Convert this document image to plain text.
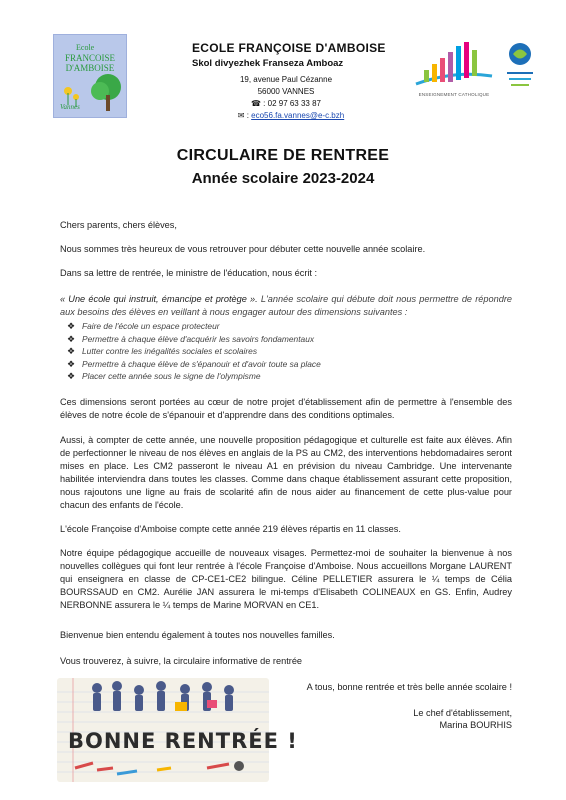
Ecole
FRANCOISE
D'AMBOISE
Vannes
ECOLE FRANÇOISE D'AMBOISE
Skol divyezhek Franseza Amboaz
19, avenue Paul Cézanne
56000 VANNES
☎ : 02 97 63 33 87
✉ : eco56.fa.vannes@e-c.bzh
ENSEIGNEMENT CATHOLIQUE
CIRCULAIRE DE RENTREE
Année scolaire 2023-2024
Chers parents, chers élèves,
Nous sommes très heureux de vous retrouver pour débuter cette nouvelle année scolaire.
Dans sa lettre de rentrée, le ministre de l'éducation, nous écrit :
« Une école qui instruit, émancipe et protège ». L'année scolaire qui débute doit nous permettre de répondre aux besoins des élèves en veillant à nous engager autour des dimensions suivantes :
❖ Faire de l'école un espace protecteur
❖ Permettre à chaque élève d'acquérir les savoirs fondamentaux
❖ Lutter contre les inégalités sociales et scolaires
❖ Permettre à chaque élève de s'épanouir et d'avoir toute sa place
❖ Placer cette année sous le signe de l'olympisme
Ces dimensions seront portées au cœur de notre projet d'établissement afin de permettre à l'ensemble des élèves de notre école de s'épanouir et d'apprendre dans des conditions optimales.
Aussi, à compter de cette année, une nouvelle proposition pédagogique et culturelle est faite aux élèves. Afin de perfectionner le niveau de nos élèves en anglais de la PS au CM2, des interventions hebdomadaires seront mises en place. Les CM2 passeront le niveau A1 en prévision du niveau Cambridge. Une intervenante habilitée interviendra dans toutes les classes. Comme dans chaque établissement assurant cette proposition, nous rajoutons une ligne au frais de scolarité afin de nous aider au financement de cette plus-value pour chacun des enfants de l'école.
L'école Françoise d'Amboise compte cette année 219 élèves répartis en 11 classes.
Notre équipe pédagogique accueille de nouveaux visages. Permettez-moi de souhaiter la bienvenue à nos nouvelles collègues qui font leur rentrée à l'école Françoise d'Amboise. Nous accueillons Morgane LAURENT qui enseignera en classe de CP-CE1-CE2 bilingue. Céline PELLETIER assurera le ¼ temps de Célia BOURSSAUD en CM2. Aurélie JAN assurera le mi-temps d'Elisabeth COLINEAUX en GS. Enfin, Audrey NERBONNE assurera le ¼ temps de Marine MORVAN en CE1.
Bienvenue bien entendu également à toutes nos nouvelles familles.
Vous trouverez, à suivre, la circulaire informative de rentrée
BONNE RENTRÉE !
A tous, bonne rentrée et très belle année scolaire !
Le chef d'établissement,
Marina BOURHIS
